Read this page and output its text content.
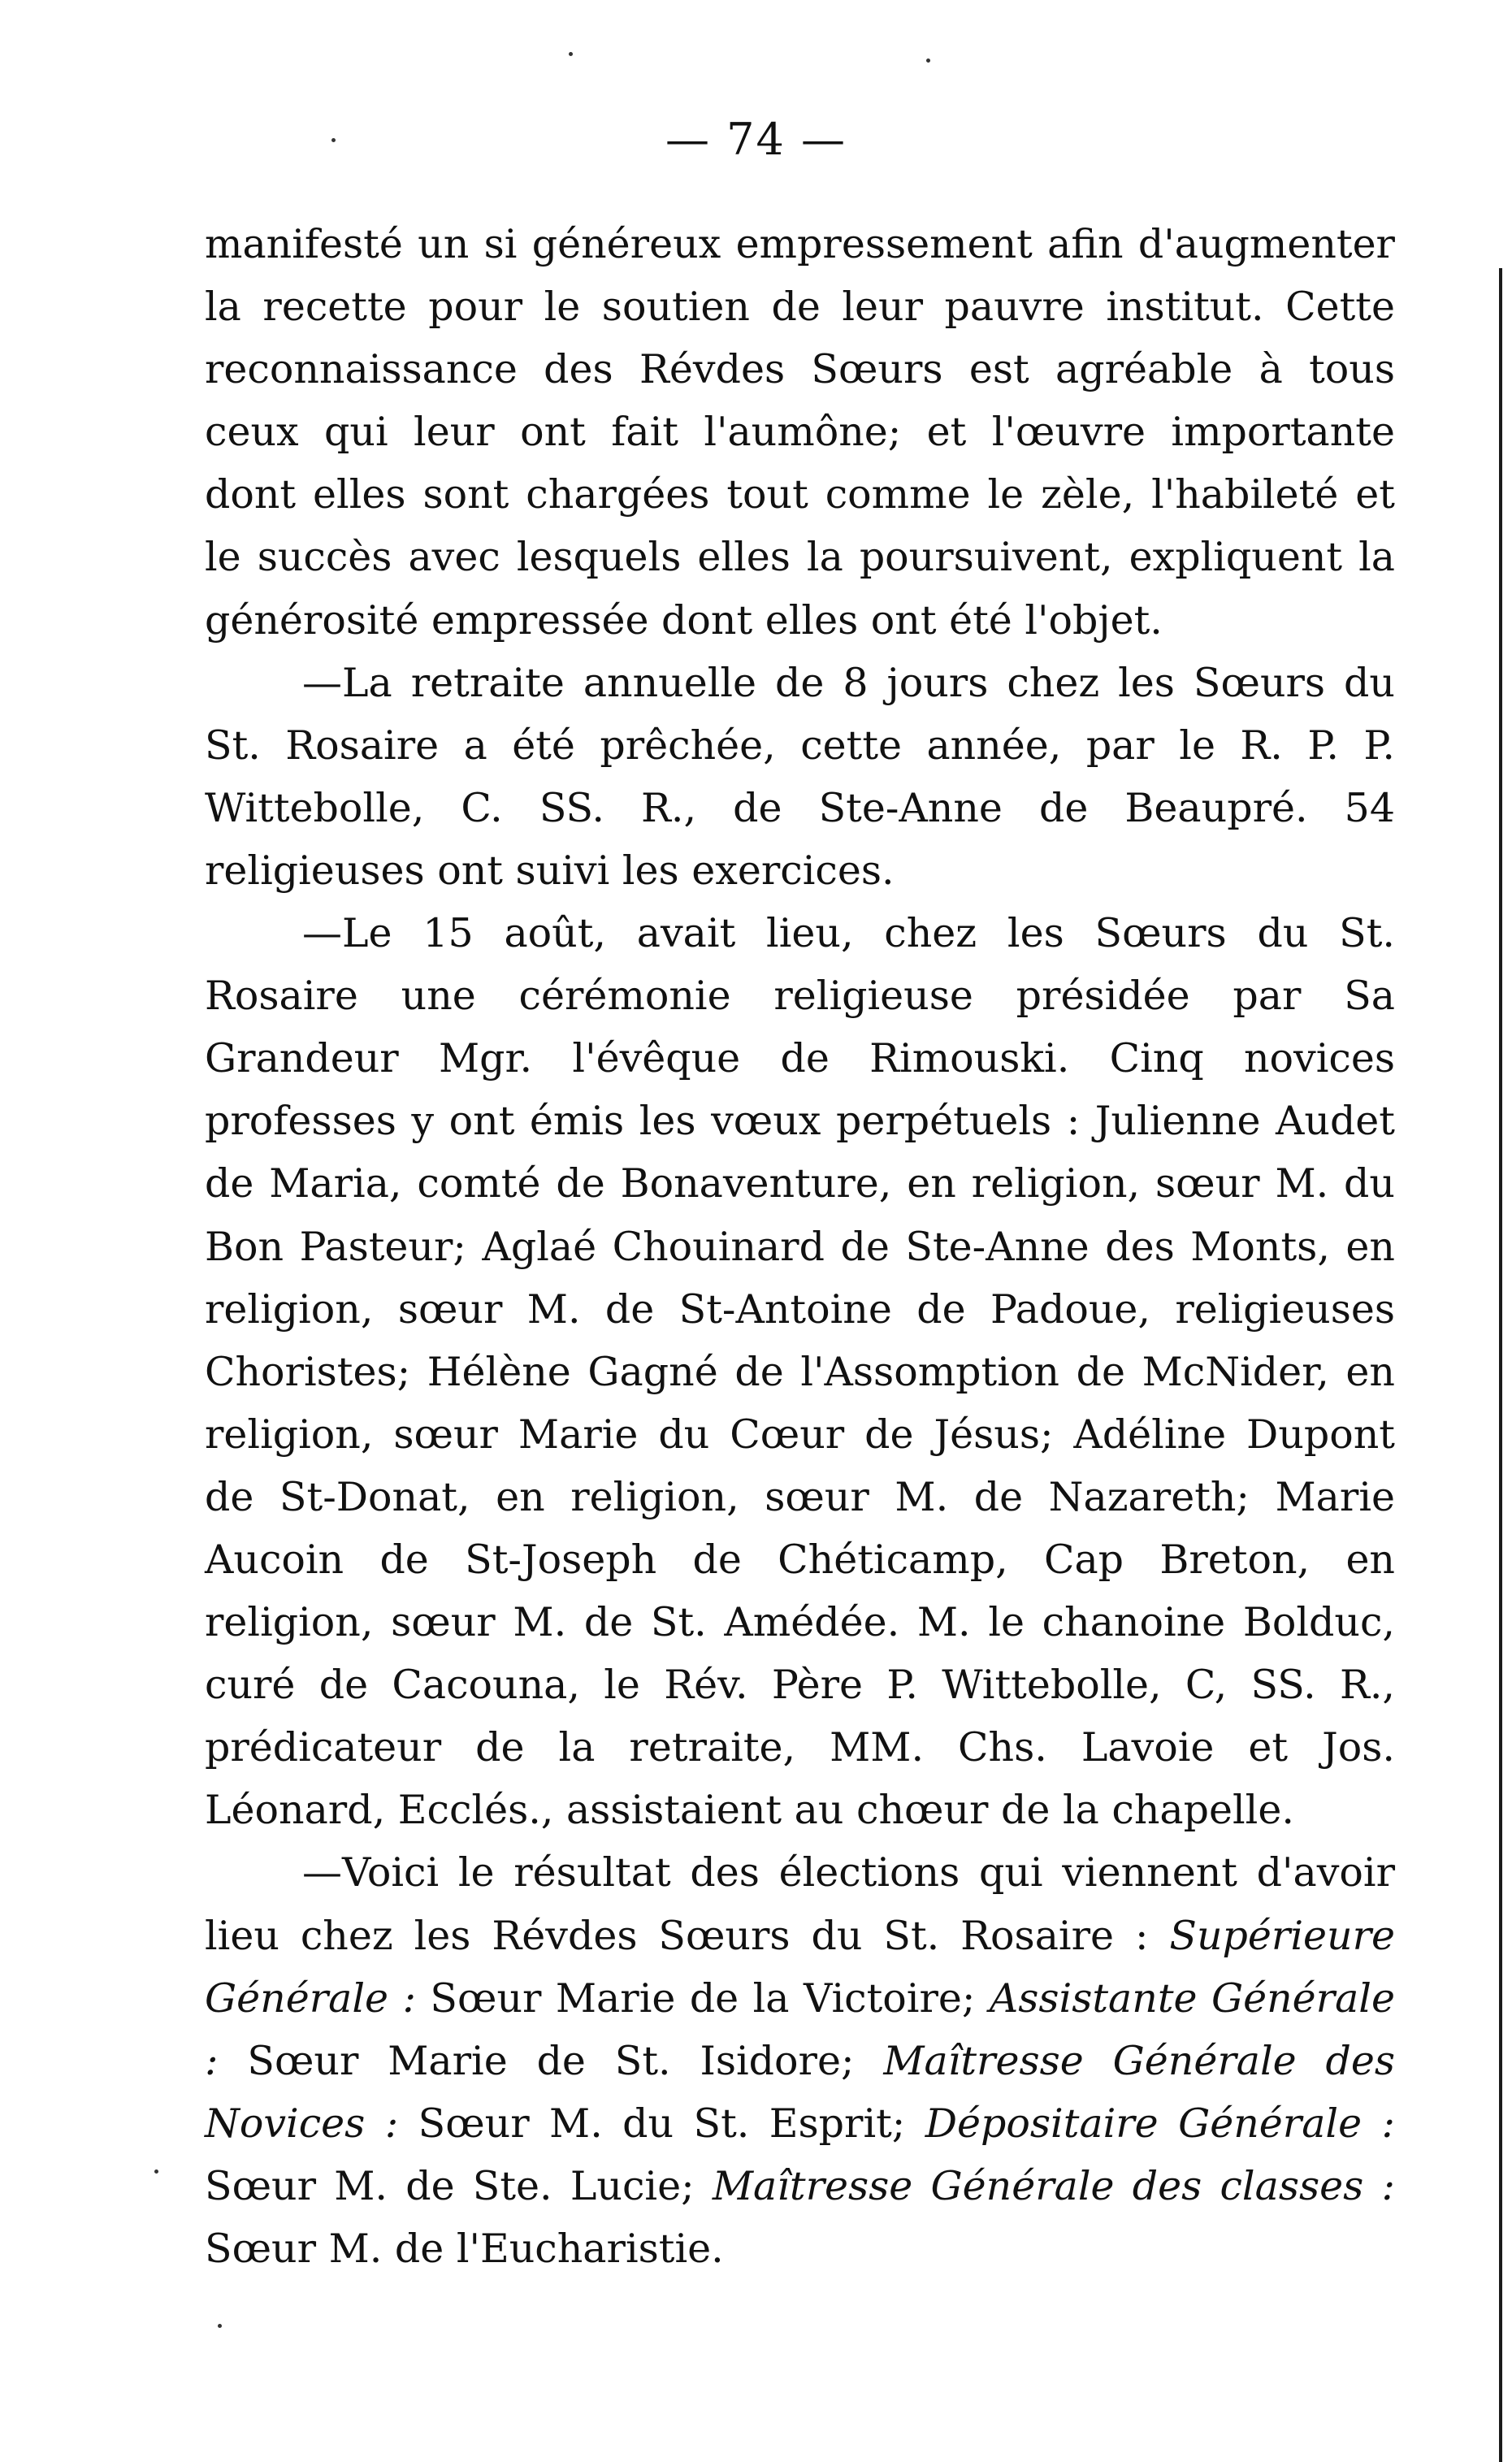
— 74 —

manifesté un si généreux empressement afin d'augmenter la recette pour le soutien de leur pauvre institut. Cette reconnaissance des Révdes Sœurs est agréable à tous ceux qui leur ont fait l'aumône; et l'œuvre importante dont elles sont chargées tout comme le zèle, l'habileté et le succès avec lesquels elles la poursuivent, expliquent la générosité empressée dont elles ont été l'objet.

—La retraite annuelle de 8 jours chez les Sœurs du St. Rosaire a été prêchée, cette année, par le R. P. P. Wittebolle, C. SS. R., de Ste-Anne de Beaupré. 54 religieuses ont suivi les exercices.

—Le 15 août, avait lieu, chez les Sœurs du St. Rosaire une cérémonie religieuse présidée par Sa Grandeur Mgr. l'évêque de Rimouski. Cinq novices professes y ont émis les vœux perpétuels : Julienne Audet de Maria, comté de Bonaventure, en religion, sœur M. du Bon Pasteur; Aglaé Chouinard de Ste-Anne des Monts, en religion, sœur M. de St-Antoine de Padoue, religieuses Choristes; Hélène Gagné de l'Assomption de McNider, en religion, sœur Marie du Cœur de Jésus; Adéline Dupont de St-Donat, en religion, sœur M. de Nazareth; Marie Aucoin de St-Joseph de Chéticamp, Cap Breton, en religion, sœur M. de St. Amédée. M. le chanoine Bolduc, curé de Cacouna, le Rév. Père P. Wittebolle, C, SS. R., prédicateur de la retraite, MM. Chs. Lavoie et Jos. Léonard, Ecclés., assistaient au chœur de la chapelle.

—Voici le résultat des élections qui viennent d'avoir lieu chez les Révdes Sœurs du St. Rosaire : Supérieure Générale : Sœur Marie de la Victoire; Assistante Générale : Sœur Marie de St. Isidore; Maîtresse Générale des Novices : Sœur M. du St. Esprit; Dépositaire Générale : Sœur M. de Ste. Lucie; Maîtresse Générale des classes : Sœur M. de l'Eucharistie.
